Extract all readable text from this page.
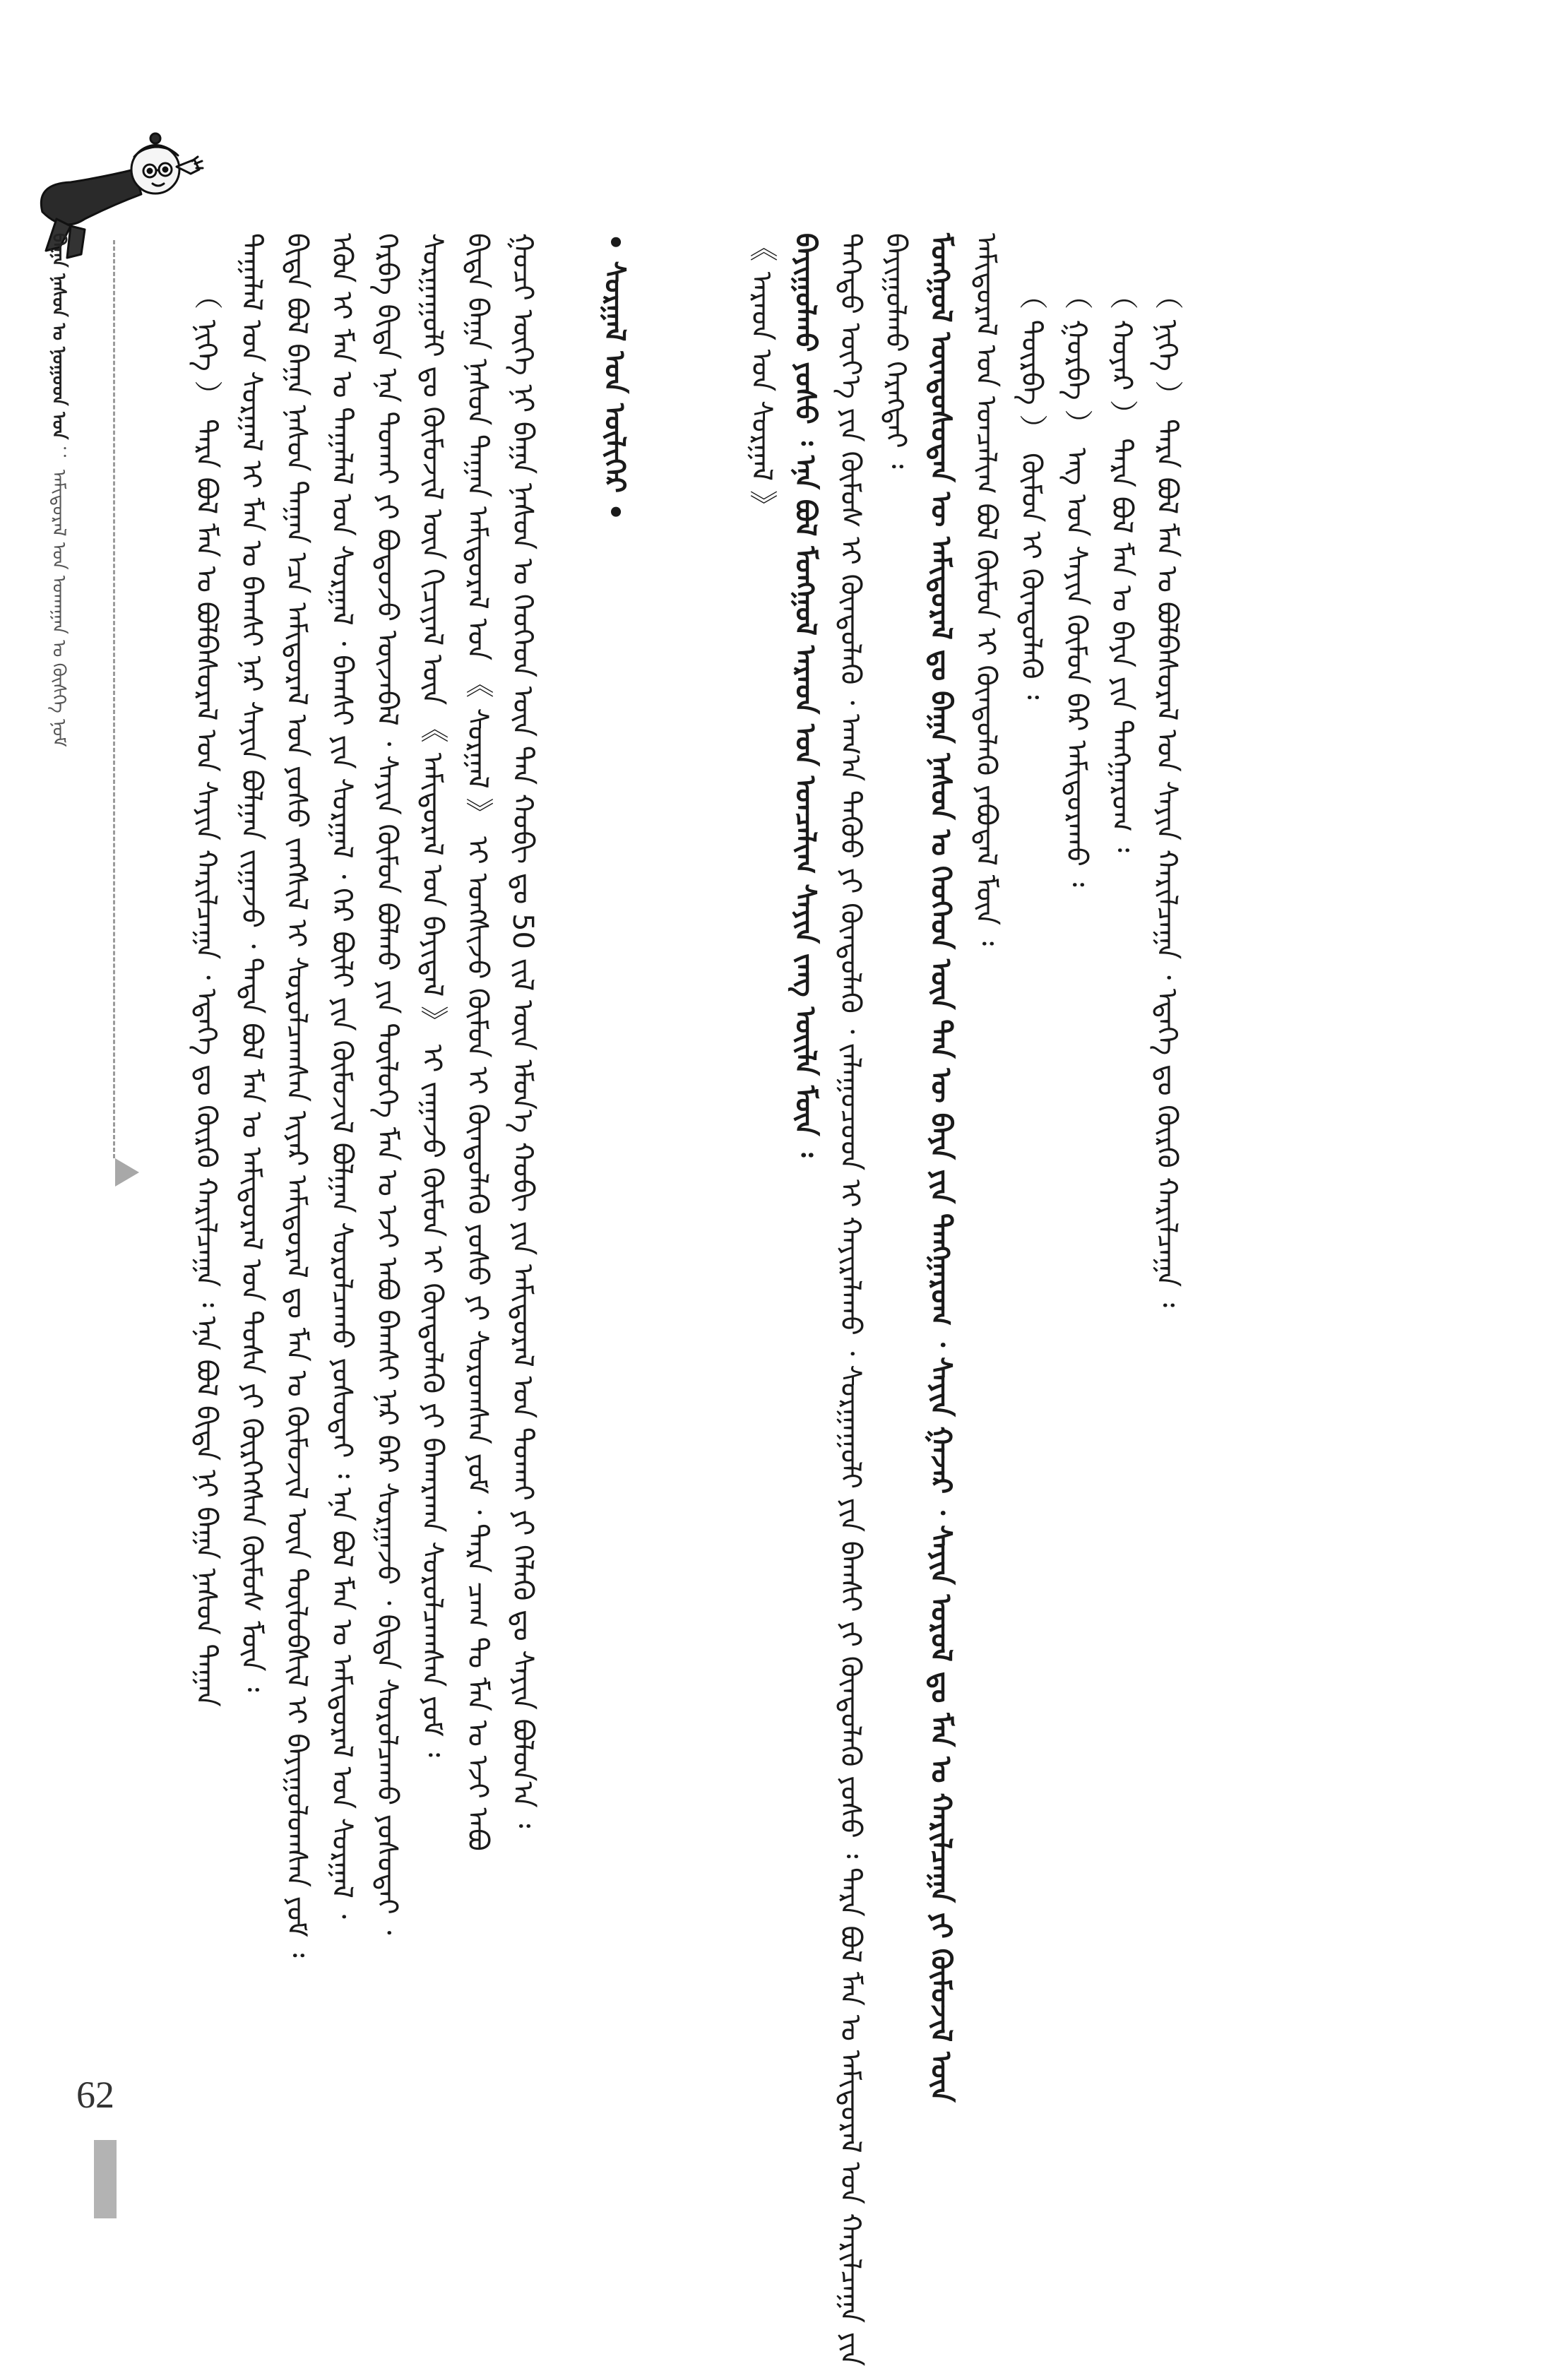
ᠪᠠᠭᠠ ᠨᠠᠰᠤᠨ ᠤ ᠨᠤᠭᠤᠳ ᠤᠨ ： ᠠᠮᠢᠳᠤᠷᠠᠯ ᠤᠨ ᠤᠬᠠᠭᠠᠨ ᠤ ᠬᠥᠰᠭᠡ ᠨᠤᠮ	（ ᠨᠢᠭᠡ ） ᠲᠡᠷᠡ ᠪᠣᠯ ᠮᠠᠨ ᠤ ᠪᠣᠯᠪᠠᠰᠤᠷᠠᠯ ᠤᠨ ᠰᠠᠶᠢᠨ ᠬᠠᠷᠢᠯᠴᠠᠭᠠ ᠂ ᠡᠳᠡᠭᠡ ᠳᠤ ᠬᠦᠷᠬᠦ ᠬᠠᠷᠢᠯᠴᠠᠭᠠ ᠄ ᠡᠨᠡ ᠪᠣᠯ ᠪᠢᠳᠡ ᠨᠢ ᠪᠠᠭᠠ ᠨᠠᠰᠤᠨ ᠳᠠᠭᠠᠨ ᠲᠠᠭᠠᠯᠠᠯ ᠤᠨ ᠰᠤᠷᠭᠠᠯ ᠢ ᠮᠠᠨ ᠤ ᠪᠠᠭᠰᠢ ᠨᠠᠷ ᠰᠠᠶᠢᠨ ᠪᠣᠯᠭᠠᠨ ᠵᠢᠭᠠᠵᠤ ᠂ ᠲᠡᠳᠡ ᠪᠣᠯ ᠮᠠᠨ ᠤ ᠠᠮᠢᠳᠤᠷᠠᠯ ᠤᠨ ᠲᠤᠰᠠ ᠶᠢ ᠬᠦᠷᠭᠡᠭᠰᠡᠨ ᠬᠦᠮᠦᠰ ᠮᠥᠨ ᠄ ᠪᠢᠳᠡ ᠪᠣᠯ ᠪᠠᠭᠠ ᠨᠠᠰᠤᠨ ᠳᠠᠭᠠᠨ ᠡᠴᠡ ᠠᠮᠢᠳᠤᠷᠠᠯ ᠤᠨ ᠶᠤᠰᠤ ᠵᠠᠩᠰᠢᠯ ᠢ ᠰᠤᠷᠤᠯᠴᠠᠭᠰᠠᠨ ᠢᠶᠡᠷ ᠠᠮᠢᠳᠤᠷᠠᠯ ᠳᠤ ᠮᠠᠨ ᠤ ᠬᠦᠮᠦᠵᠢᠯ ᠦᠨ ᠲᠥᠯᠥᠪᠰᠢᠯ ᠢ ᠪᠠᠶᠢᠭᠤᠯᠤᠭᠰᠠᠨ ᠶᠤᠮ ᠄ ᠡᠭᠦᠨ ᠢ ᠮᠠᠨ ᠤ ᠲᠠᠭᠠᠯᠠᠯ ᠤᠨ ᠰᠤᠷᠭᠠᠯ ᠂ ᠪᠠᠭᠰᠢ ᠶᠢᠨ ᠰᠤᠷᠭᠠᠯ ᠂ ᠭᠡᠷ ᠪᠦᠯᠢ ᠶᠢᠨ ᠬᠦᠮᠦᠵᠢᠯ ᠪᠣᠯᠭᠠᠨ ᠰᠤᠷᠤᠯᠴᠠᠬᠤ ᠶᠤᠰᠤᠲᠠᠢ ᠄ ᠡᠨᠡ ᠪᠣᠯ ᠮᠠᠨ ᠤ ᠠᠮᠢᠳᠤᠷᠠᠯ ᠤᠨ ᠰᠤᠷᠭᠠᠯ ᠂ ᠬᠡᠷᠪᠡ ᠪᠢᠳᠡ ᠡᠨᠡ ᠲᠤᠬᠠᠢ ᠶᠢ ᠪᠣᠳᠣᠵᠤ ᠦᠵᠡᠪᠡᠯ ᠂ ᠰᠠᠶᠢᠨ ᠬᠦᠮᠦᠨ ᠪᠣᠯᠬᠤ ᠶᠢᠨ ᠲᠥᠯᠥᠭᠡ ᠮᠠᠨ ᠤ ᠡᠵᠢ ᠠᠪᠤ ᠪᠠᠭᠰᠢ ᠨᠠᠷ ᠪᠡᠷ ᠰᠤᠷᠭᠠᠵᠤ ᠂ ᠪᠢᠳᠡ ᠰᠤᠷᠤᠯᠴᠠᠬᠤ ᠶᠤᠰᠤᠲᠠᠢ ᠂ ᠰᠤᠷᠭᠠᠭᠤᠯᠢ ᠳᠤ ᠬᠦᠮᠦᠵᠢᠯ ᠦᠨ ᠬᠢᠴᠢᠶᠡᠯ ᠦᠨ 《 ᠠᠮᠢᠳᠤᠷᠠᠯ ᠤᠨ ᠪᠠᠶᠢᠳᠠᠯ 》 ᠢ ᠵᠠᠭᠠᠵᠤ ᠬᠦᠮᠦᠨ ᠢ ᠬᠦᠨᠳᠦᠯᠡᠬᠦ ᠶᠢ ᠪᠠᠬᠠᠷᠬᠠᠨ ᠰᠤᠷᠤᠯᠴᠠᠭᠰᠠᠨ ᠶᠤᠮ ᠄ ᠪᠢᠳᠡ ᠪᠠᠭᠠ ᠨᠠᠰᠤᠨ ᠳᠠᠭᠠᠨ ᠠᠮᠢᠳᠤᠷᠠᠯ ᠤᠨ 《 ᠰᠤᠷᠭᠠᠯ 》 ᠢ ᠤᠩᠰᠢᠵᠤ ᠬᠦᠮᠦᠨ ᠢ ᠬᠦᠨᠳᠦᠯᠡᠬᠦ ᠶᠤᠰᠤ ᠶᠢ ᠰᠤᠷᠤᠭᠰᠠᠨ ᠶᠤᠮ ᠂ ᠲᠡᠷᠡ ᠴᠠᠭ ᠲᠤ ᠮᠠᠨ ᠤ ᠡᠵᠢ ᠠᠪᠤ ᠭᠤᠴᠢ ᠦᠭᠡ ᠨᠢ ᠪᠠᠭᠠ ᠨᠠᠰᠤᠨ ᠤ ᠬᠡᠦᠬᠡᠳ ᠦᠨ ᠲᠠᠨ ᠬᠤᠪᠢ ᠳᠤ 50 ᠵᠢᠯ ᠦᠨ ᠡᠮᠦᠨ᠎ᠡ ᠬᠤᠪᠢ ᠶᠢᠨ ᠠᠮᠢᠳᠤᠷᠠᠯ ᠤᠨ ᠲᠤᠬᠠᠢ ᠶᠢ ᠬᠡᠯᠡᠬᠦ ᠳᠤ ᠰᠠᠶᠢᠨ ᠪᠣᠯᠤᠨ᠎ᠠ ᠄ • ᠰᠤᠷᠭᠠᠯ ᠤᠨ ᠦᠯᠢᠭᠡᠷ •	《 ᠠᠷᠠᠳ ᠤᠨ ᠰᠤᠷᠭᠠᠯ 》 ᠪᠠᠶᠢᠭᠤᠯᠬᠤ ᠶᠤᠰᠤ ᠄ ᠡᠨᠡ ᠪᠣᠯ ᠮᠣᠩᠭᠣᠯ ᠠᠷᠠᠳ ᠤᠨ ᠣᠨᠴᠠᠯᠢᠭ ᠰᠠᠶᠢᠨ ᠵᠠᠩ ᠦᠢᠯᠡ ᠮᠥᠨ ᠄ ᠳᠡᠭᠡᠳᠦ ᠦᠶ᠎ᠡ ᠶᠢᠨ ᠬᠦᠮᠦᠰ ᠢ ᠬᠦᠨᠳᠦᠯᠡᠬᠦ ᠂ ᠠᠬ᠎ᠠ ᠳᠡᠭᠦᠦ ᠶᠢ ᠬᠦᠨᠳᠦᠯᠡᠬᠦ ᠂ ᠵᠠᠯᠠᠭᠤᠴᠤᠳ ᠢ ᠬᠠᠶᠢᠷᠠᠯᠠᠬᠤ ᠂ ᠰᠤᠷᠭᠠᠭᠤᠯᠢ ᠶᠢᠨ ᠪᠠᠭᠰᠢ ᠶᠢ ᠬᠦᠨᠳᠦᠯᠡᠬᠦ ᠶᠤᠰᠤ ᠄ ᠲᠡᠷᠡ ᠪᠣᠯ ᠮᠠᠨ ᠤ ᠠᠮᠢᠳᠤᠷᠠᠯ ᠤᠨ ᠬᠠᠷᠢᠯᠴᠠᠭᠠ ᠶᠢᠨ ᠪᠠᠶᠢᠭᠤᠯᠬᠤ ᠬᠡᠷᠡᠭᠲᠡᠢ ᠄ ᠮᠣᠩᠭᠣᠯ ᠦᠨᠳᠦᠰᠦᠲᠡᠨ ᠦ ᠠᠮᠢᠳᠤᠷᠠᠯ ᠳᠤ ᠪᠠᠭᠠ ᠨᠠᠰᠤᠨ ᠤ ᠬᠡᠦᠬᠡᠳ ᠦᠨ ᠲᠠᠨ ᠦ ᠪᠡᠶᠡ ᠶᠢᠨ ᠲᠠᠩᠭᠠᠷᠤᠭ ᠂ ᠰᠠᠶᠢᠨ ᠭᠠᠵᠠᠷ ᠂ ᠰᠠᠶᠢᠨ ᠤᠷᠤᠯ ᠳᠤ ᠮᠠᠨ ᠤ ᠬᠠᠷᠢᠯᠴᠠᠭᠠ ᠶᠢ ᠬᠦᠮᠦᠵᠢᠯ ᠦᠨ ᠠᠮᠢᠳᠤᠷᠠᠯ ᠤᠨ ᠣᠨᠴᠠᠯᠢᠭ ᠪᠣᠯ ᠬᠦᠮᠦᠨ ᠢ ᠬᠦᠨᠳᠦᠯᠡᠬᠦ ᠶᠠᠪᠤᠳᠠᠯ ᠮᠥᠨ ᠄ （ ᠳᠥᠷᠪᠡ ） ᠬᠦᠮᠦᠨ ᠢ ᠬᠦᠨᠳᠦᠯᠡᠬᠦ ᠄ （ ᠭᠤᠷᠪᠠ ） ᠡᠩ ᠤᠨ ᠰᠠᠶᠢᠨ ᠬᠦᠮᠦᠨ ᠪᠡᠷ ᠠᠮᠢᠳᠤᠷᠠᠬᠤ ᠄ （ ᠬᠣᠶᠠᠷ ） ᠲᠡᠷᠡ ᠪᠣᠯ ᠮᠠᠨ ᠤ ᠪᠡᠶᠡ ᠶᠢᠨ ᠲᠠᠩᠭᠠᠷᠤᠭ ᠄ （ ᠨᠢᠭᠡ ） ᠲᠡᠷᠡ ᠪᠣᠯ ᠮᠠᠨ ᠤ ᠪᠣᠯᠪᠠᠰᠤᠷᠠᠯ ᠤᠨ ᠰᠠᠶᠢᠨ ᠬᠠᠷᠢᠯᠴᠠᠭᠠ ᠂ ᠡᠳᠡᠭᠡ ᠳᠤ ᠬᠦᠷᠬᠦ ᠬᠠᠷᠢᠯᠴᠠᠭᠠ ᠄
62
